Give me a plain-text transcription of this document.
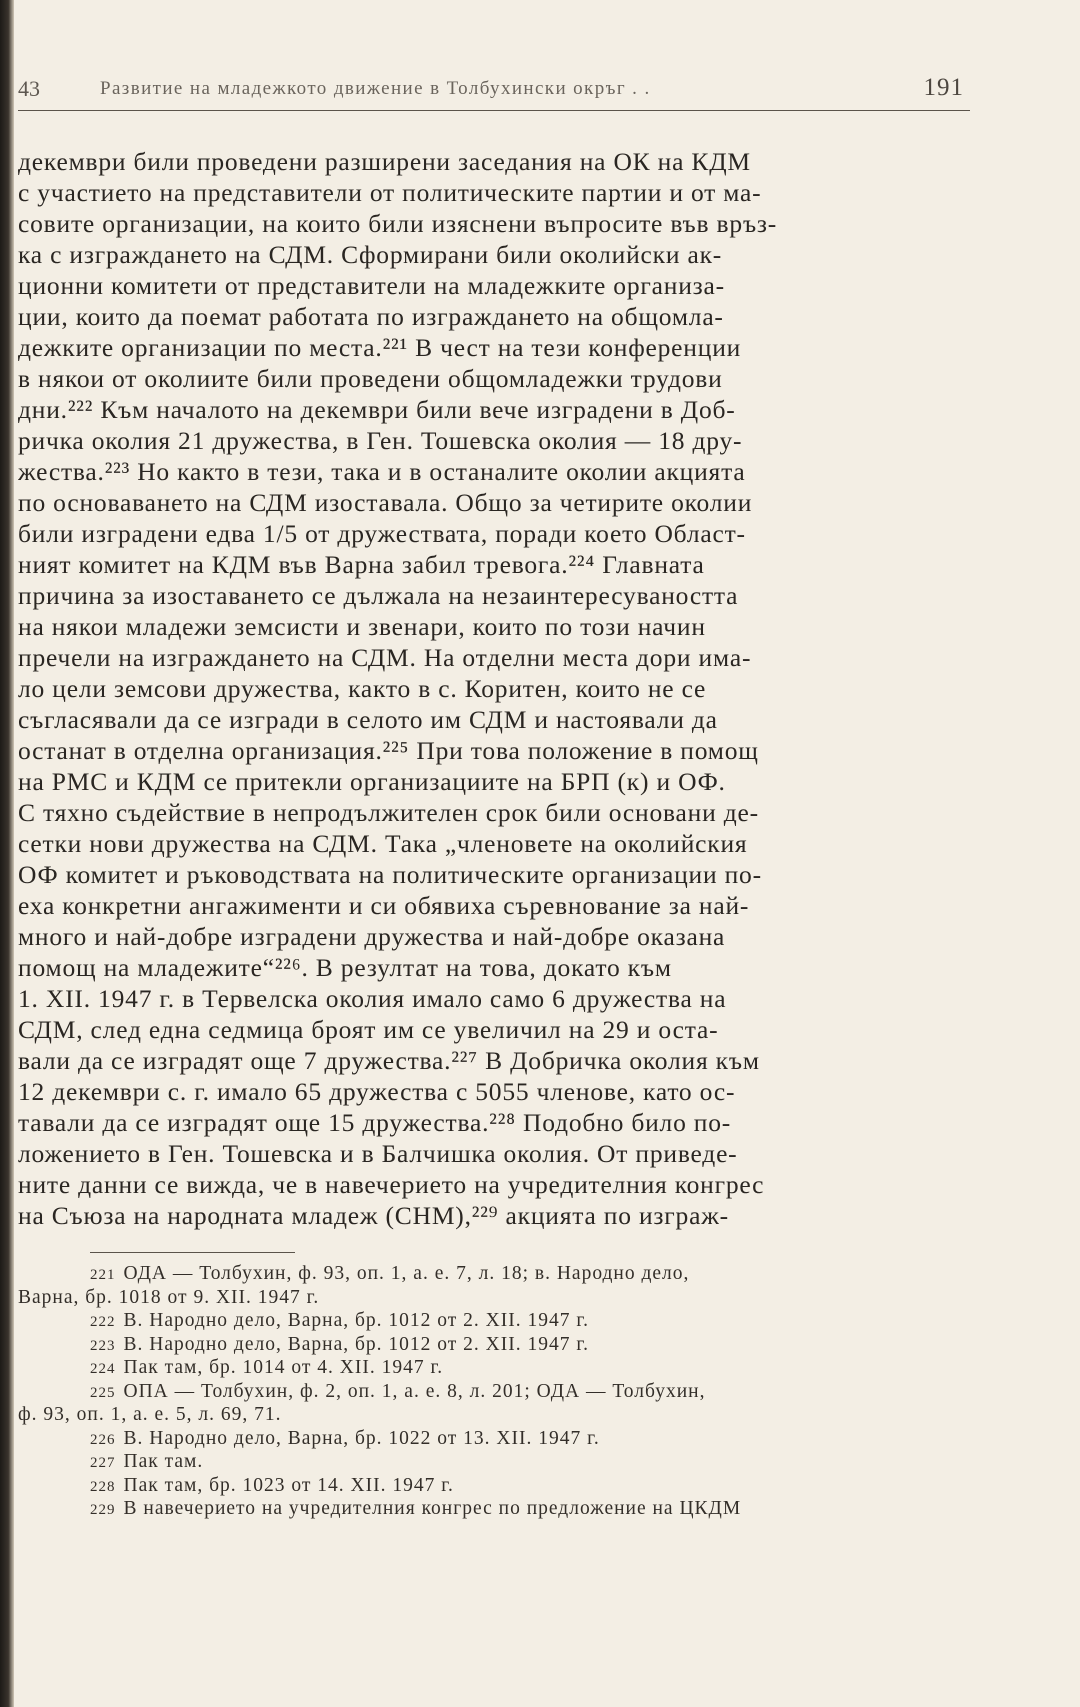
43	Развитие на младежкото движение в Толбухински окръг . .	191
декември били проведени разширени заседания на ОК на КДМ
с участието на представители от политическите партии и от ма-
совите организации, на които били изяснени въпросите във връз-
ка с изграждането на СДМ. Сформирани били околийски ак-
ционни комитети от представители на младежките организа-
ции, които да поемат работата по изграждането на общомла-
дежките организации по места.²²¹ В чест на тези конференции
в някои от околиите били проведени общомладежки трудови
дни.²²² Към началото на декември били вече изградени в Доб-
ричка околия 21 дружества, в Ген. Тошевска околия — 18 дру-
жества.²²³ Но както в тези, така и в останалите околии акцията
по основаването на СДМ изоставала. Общо за четирите околии
били изградени едва 1/5 от дружествата, поради което Област-
ният комитет на КДМ във Варна забил тревога.²²⁴ Главната
причина за изоставането се дължала на незаинтересуваността
на някои младежи земсисти и звенари, които по този начин
пречели на изграждането на СДМ. На отделни места дори имa-
ло цели земсови дружества, както в с. Коритен, които не се
съгласявали да се изгради в селото им СДМ и настоявали да
останат в отделна организация.²²⁵ При това положение в помощ
на РМС и КДМ се притекли организациите на БРП (к) и ОФ.
С тяхно съдействие в непродължителен срок били основани де-
сетки нови дружества на СДМ. Така „членовете на околийския
ОФ комитет и ръководствата на политическите организации по-
еха конкретни ангажименти и си обявиха съревнование за най-
много и най-добре изградени дружества и най-добре оказана
помощ на младежите“²²⁶. В резултат на това, докато към
1. XII. 1947 г. в Тервелска околия имало само 6 дружества на
СДМ, след една седмица броят им се увеличил на 29 и оста-
вали да се изградят още 7 дружества.²²⁷ В Добричка околия към
12 декември с. г. имало 65 дружества с 5055 членове, като ос-
тавали да се изградят още 15 дружества.²²⁸ Подобно било по-
ложението в Ген. Тошевска и в Балчишка околия. От приведе-
ните данни се вижда, че в навечерието на учредителния конгрес
на Съюза на народната младеж (СНМ),²²⁹ акцията по изграж-
221 ОДА — Толбухин, ф. 93, оп. 1, а. е. 7, л. 18; в. Народно дело,
Варна, бр. 1018 от 9. XII. 1947 г.
222 В. Народно дело, Варна, бр. 1012 от 2. XII. 1947 г.
223 В. Народно дело, Варна, бр. 1012 от 2. XII. 1947 г.
224 Пак там, бр. 1014 от 4. XII. 1947 г.
225 ОПА — Толбухин, ф. 2, оп. 1, а. е. 8, л. 201; ОДА — Толбухин,
ф. 93, оп. 1, а. е. 5, л. 69, 71.
226 В. Народно дело, Варна, бр. 1022 от 13. XII. 1947 г.
227 Пак там.
228 Пак там, бр. 1023 от 14. XII. 1947 г.
229 В навечерието на учредителния конгрес по предложение на ЦКДМ
